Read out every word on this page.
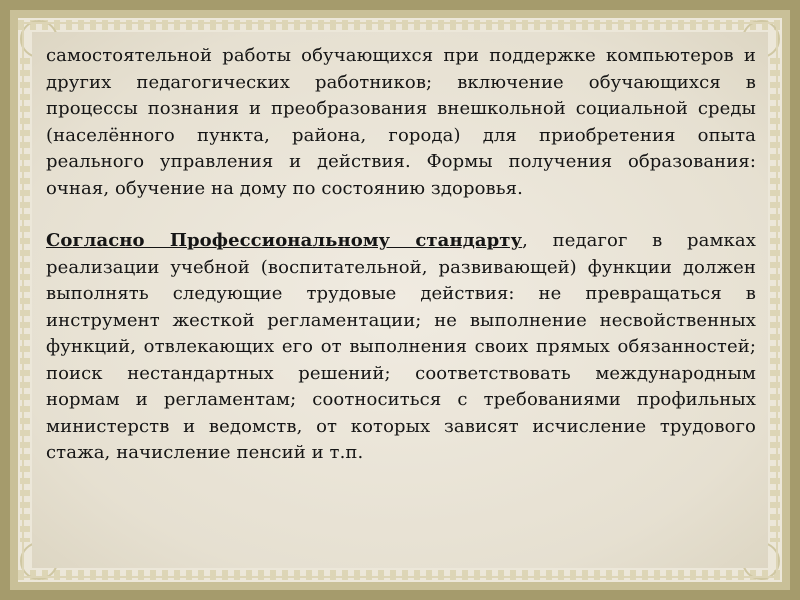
самостоятельной работы обучающихся при поддержке компьютеров и других педагогических работников; включение обучающихся в процессы познания и преобразования внешкольной социальной среды (населённого пункта, района, города) для приобретения опыта реального управления и действия. Формы получения образования: очная, обучение на дому по состоянию здоровья.

Согласно Профессиональному стандарту, педагог в рамках реализации учебной (воспитательной, развивающей) функции должен выполнять следующие трудовые действия: не превращаться в инструмент жесткой регламентации; не выполнение несвойственных функций, отвлекающих его от выполнения своих прямых обязанностей; поиск нестандартных решений; соответствовать международным нормам и регламентам; соотноситься с требованиями профильных министерств и ведомств, от которых зависят исчисление трудового стажа, начисление пенсий и т.п.
